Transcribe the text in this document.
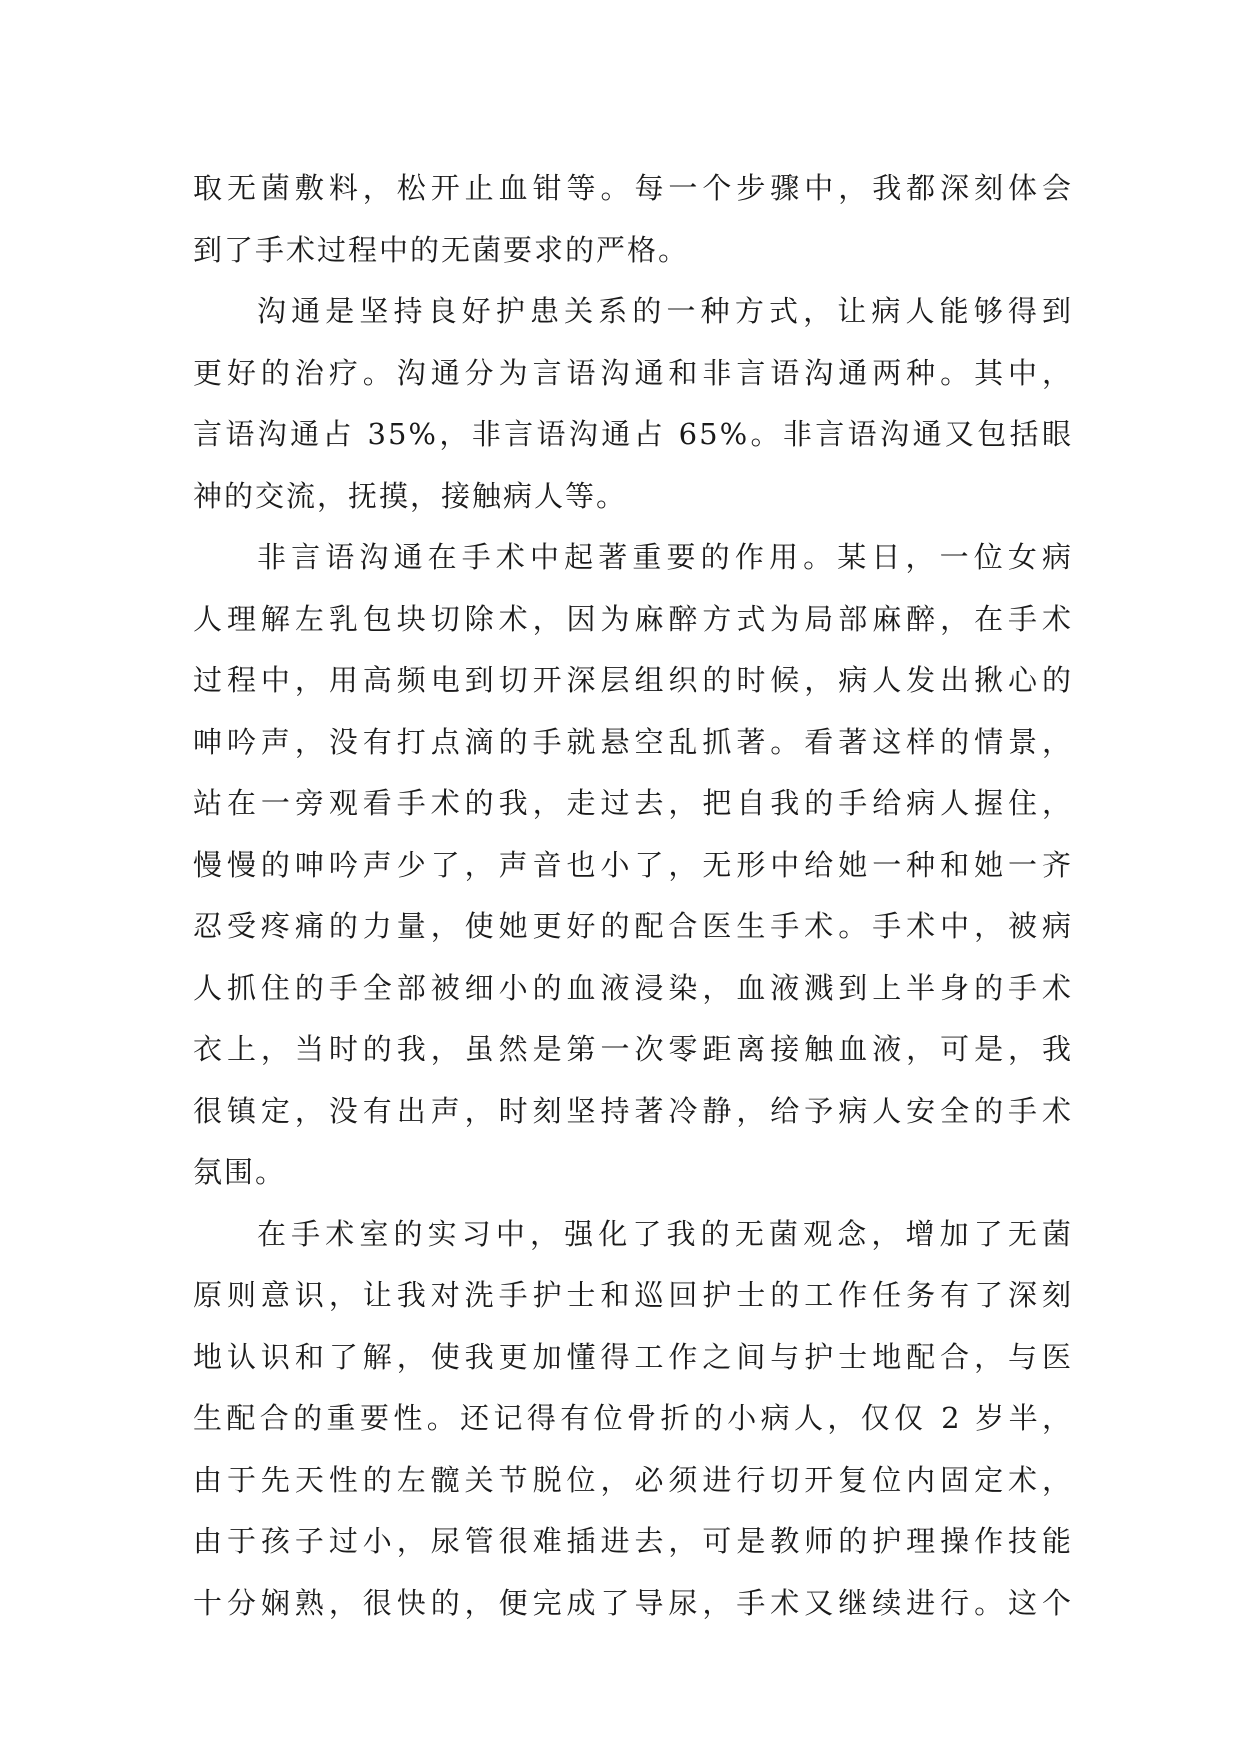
取无菌敷料，松开止血钳等。每一个步骤中，我都深刻体会
到了手术过程中的无菌要求的严格。
沟通是坚持良好护患关系的一种方式，让病人能够得到
更好的治疗。沟通分为言语沟通和非言语沟通两种。其中，
言语沟通占 35%，非言语沟通占 65%。非言语沟通又包括眼
神的交流，抚摸，接触病人等。
非言语沟通在手术中起著重要的作用。某日，一位女病
人理解左乳包块切除术，因为麻醉方式为局部麻醉，在手术
过程中，用高频电到切开深层组织的时候，病人发出揪心的
呻吟声，没有打点滴的手就悬空乱抓著。看著这样的情景，
站在一旁观看手术的我，走过去，把自我的手给病人握住，
慢慢的呻吟声少了，声音也小了，无形中给她一种和她一齐
忍受疼痛的力量，使她更好的配合医生手术。手术中，被病
人抓住的手全部被细小的血液浸染，血液溅到上半身的手术
衣上，当时的我，虽然是第一次零距离接触血液，可是，我
很镇定，没有出声，时刻坚持著冷静，给予病人安全的手术
氛围。
在手术室的实习中，强化了我的无菌观念，增加了无菌
原则意识，让我对洗手护士和巡回护士的工作任务有了深刻
地认识和了解，使我更加懂得工作之间与护士地配合，与医
生配合的重要性。还记得有位骨折的小病人，仅仅 2 岁半，
由于先天性的左髋关节脱位，必须进行切开复位内固定术，
由于孩子过小，尿管很难插进去，可是教师的护理操作技能
十分娴熟，很快的，便完成了导尿，手术又继续进行。这个
